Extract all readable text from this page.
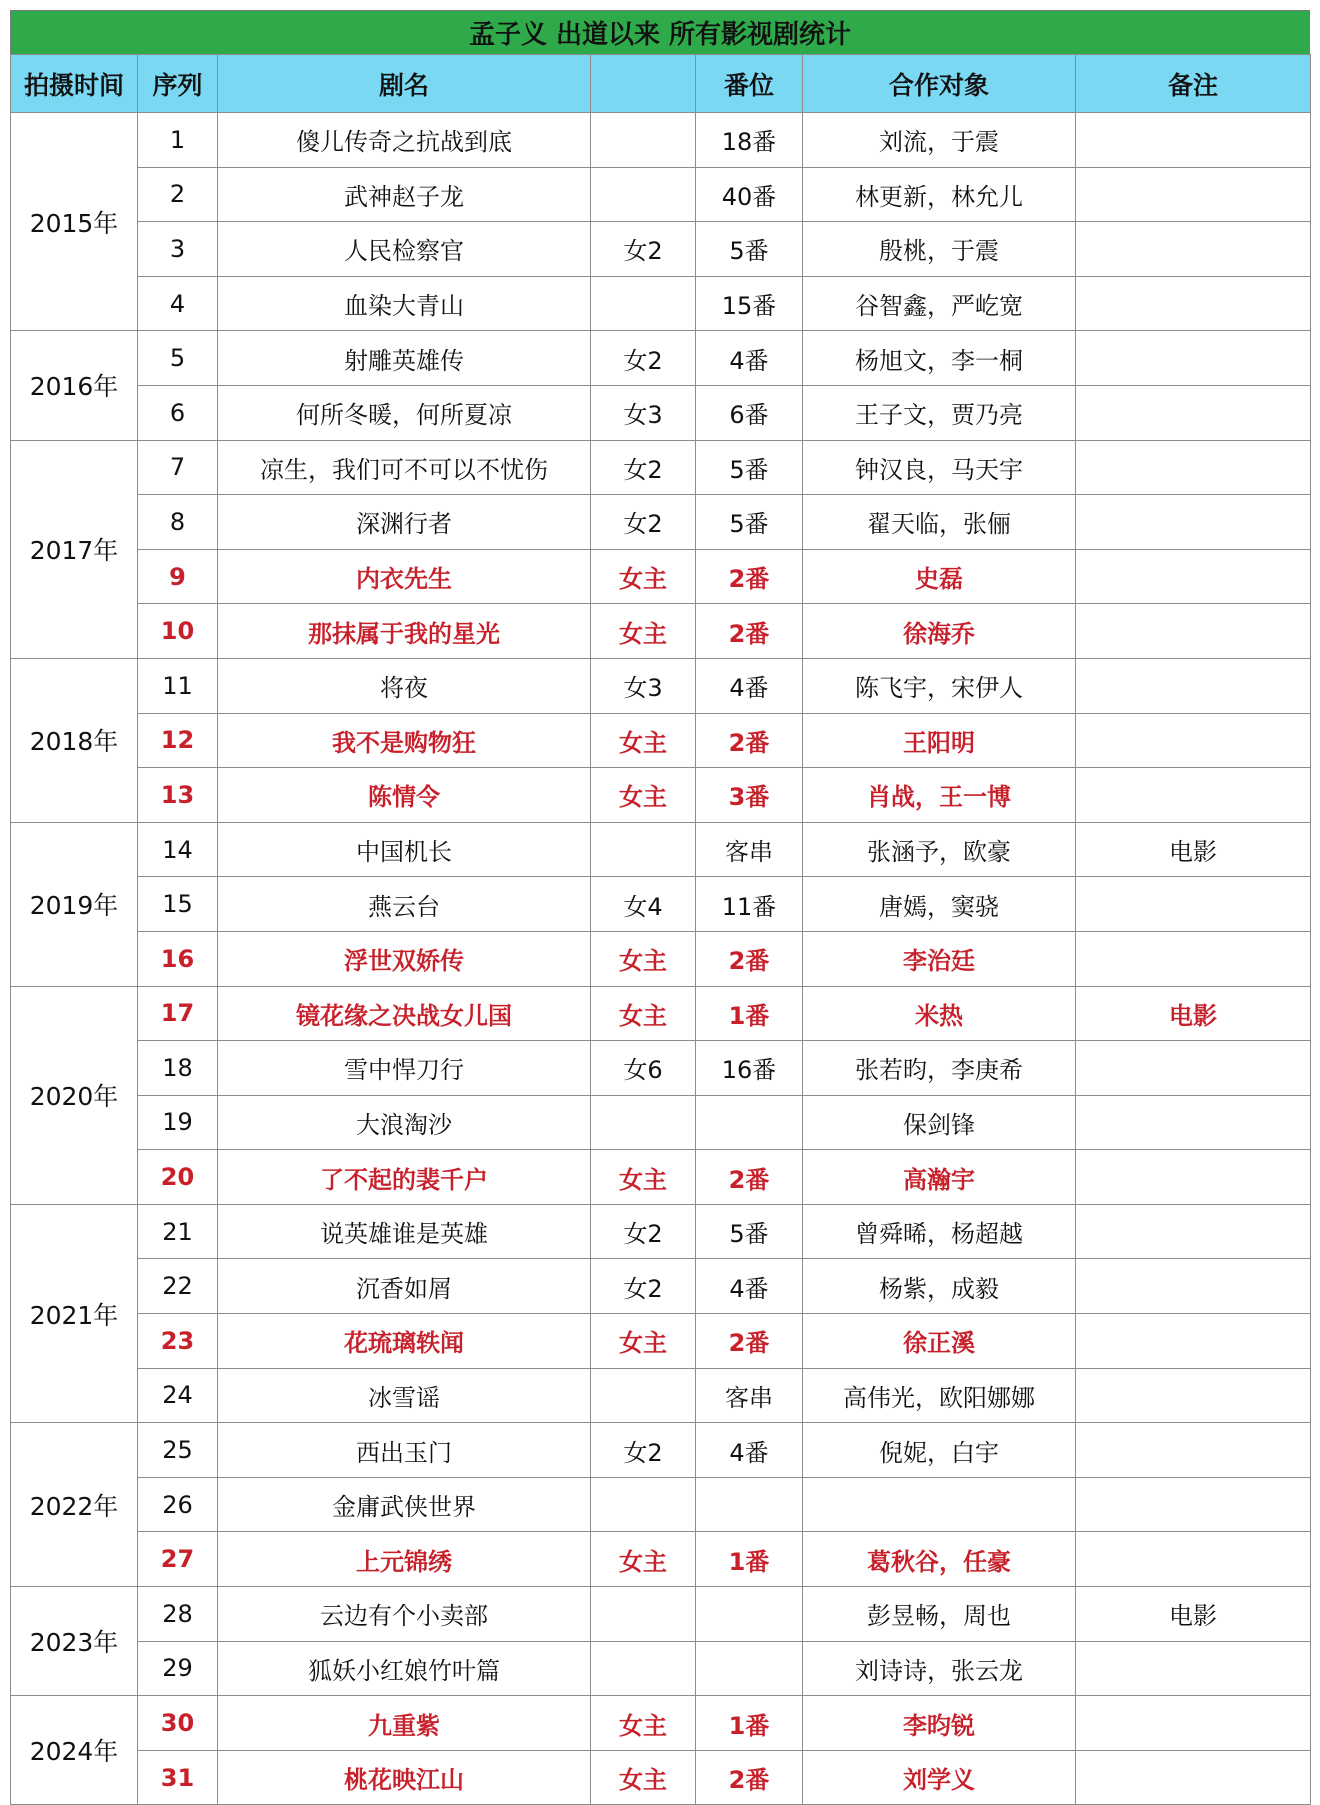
孟子义 出道以来 所有影视剧统计
拍摄时间	序列	剧名		番位	合作对象	备注
2015年	1	傻儿传奇之抗战到底		18番	刘流，于震	
	2	武神赵子龙		40番	林更新，林允儿	
	3	人民检察官	女2	5番	殷桃，于震	
	4	血染大青山		15番	谷智鑫，严屹宽	
2016年	5	射雕英雄传	女2	4番	杨旭文，李一桐	
	6	何所冬暖，何所夏凉	女3	6番	王子文，贾乃亮	
2017年	7	凉生，我们可不可以不忧伤	女2	5番	钟汉良，马天宇	
	8	深渊行者	女2	5番	翟天临，张俪	
	9	内衣先生	女主	2番	史磊	
	10	那抹属于我的星光	女主	2番	徐海乔	
2018年	11	将夜	女3	4番	陈飞宇，宋伊人	
	12	我不是购物狂	女主	2番	王阳明	
	13	陈情令	女主	3番	肖战，王一博	
2019年	14	中国机长		客串	张涵予，欧豪	电影
	15	燕云台	女4	11番	唐嫣，窦骁	
	16	浮世双娇传	女主	2番	李治廷	
2020年	17	镜花缘之决战女儿国	女主	1番	米热	电影
	18	雪中悍刀行	女6	16番	张若昀，李庚希	
	19	大浪淘沙			保剑锋	
	20	了不起的裴千户	女主	2番	高瀚宇	
2021年	21	说英雄谁是英雄	女2	5番	曾舜晞，杨超越	
	22	沉香如屑	女2	4番	杨紫，成毅	
	23	花琉璃轶闻	女主	2番	徐正溪	
	24	冰雪谣		客串	高伟光，欧阳娜娜	
2022年	25	西出玉门	女2	4番	倪妮，白宇	
	26	金庸武侠世界				
	27	上元锦绣	女主	1番	葛秋谷，任豪	
2023年	28	云边有个小卖部			彭昱畅，周也	电影
	29	狐妖小红娘竹叶篇			刘诗诗，张云龙	
2024年	30	九重紫	女主	1番	李昀锐	
	31	桃花映江山	女主	2番	刘学义	
